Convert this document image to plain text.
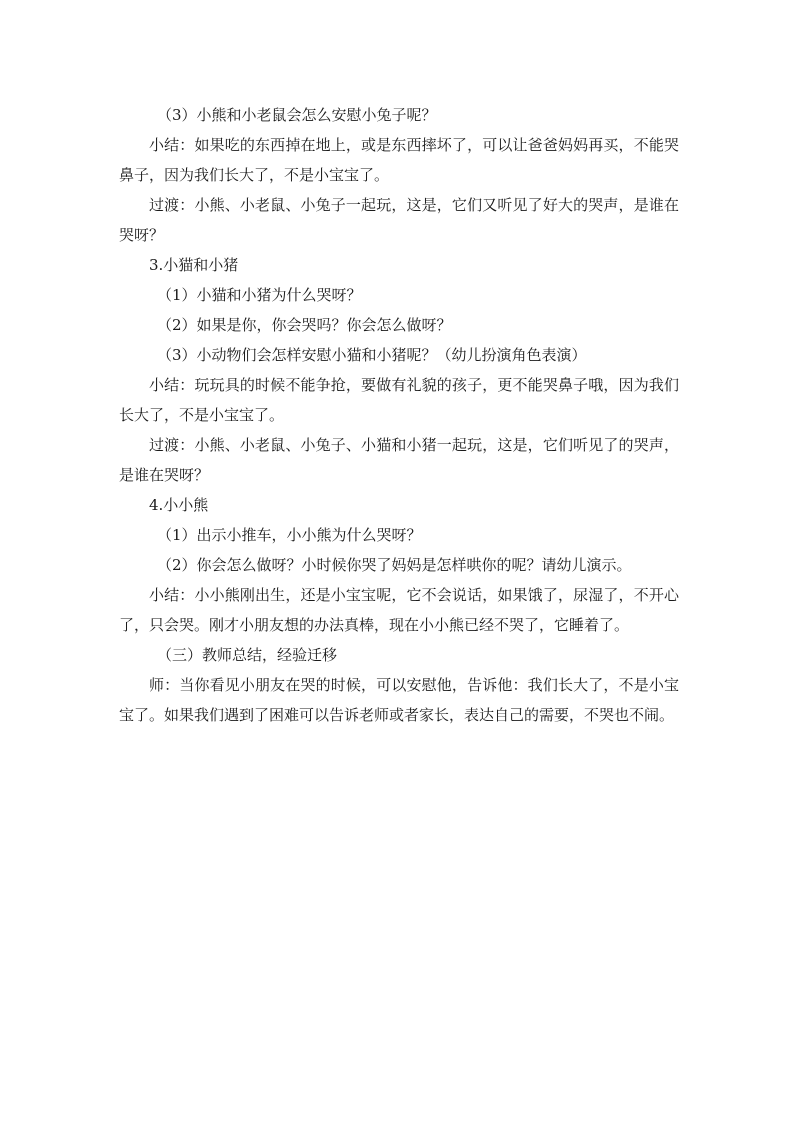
（3）小熊和小老鼠会怎么安慰小兔子呢？

小结：如果吃的东西掉在地上，或是东西摔坏了，可以让爸爸妈妈再买，不能哭鼻子，因为我们长大了，不是小宝宝了。

过渡：小熊、小老鼠、小兔子一起玩，这是，它们又听见了好大的哭声，是谁在哭呀？

3.小猫和小猪

（1）小猫和小猪为什么哭呀？

（2）如果是你，你会哭吗？你会怎么做呀？

（3）小动物们会怎样安慰小猫和小猪呢？（幼儿扮演角色表演）

小结：玩玩具的时候不能争抢，要做有礼貌的孩子，更不能哭鼻子哦，因为我们长大了，不是小宝宝了。

过渡：小熊、小老鼠、小兔子、小猫和小猪一起玩，这是，它们听见了的哭声，是谁在哭呀？

4.小小熊

（1）出示小推车，小小熊为什么哭呀？

（2）你会怎么做呀？小时候你哭了妈妈是怎样哄你的呢？请幼儿演示。

小结：小小熊刚出生，还是小宝宝呢，它不会说话，如果饿了，尿湿了，不开心了，只会哭。刚才小朋友想的办法真棒，现在小小熊已经不哭了，它睡着了。

（三）教师总结，经验迁移

师：当你看见小朋友在哭的时候，可以安慰他，告诉他：我们长大了，不是小宝宝了。如果我们遇到了困难可以告诉老师或者家长，表达自己的需要，不哭也不闹。
